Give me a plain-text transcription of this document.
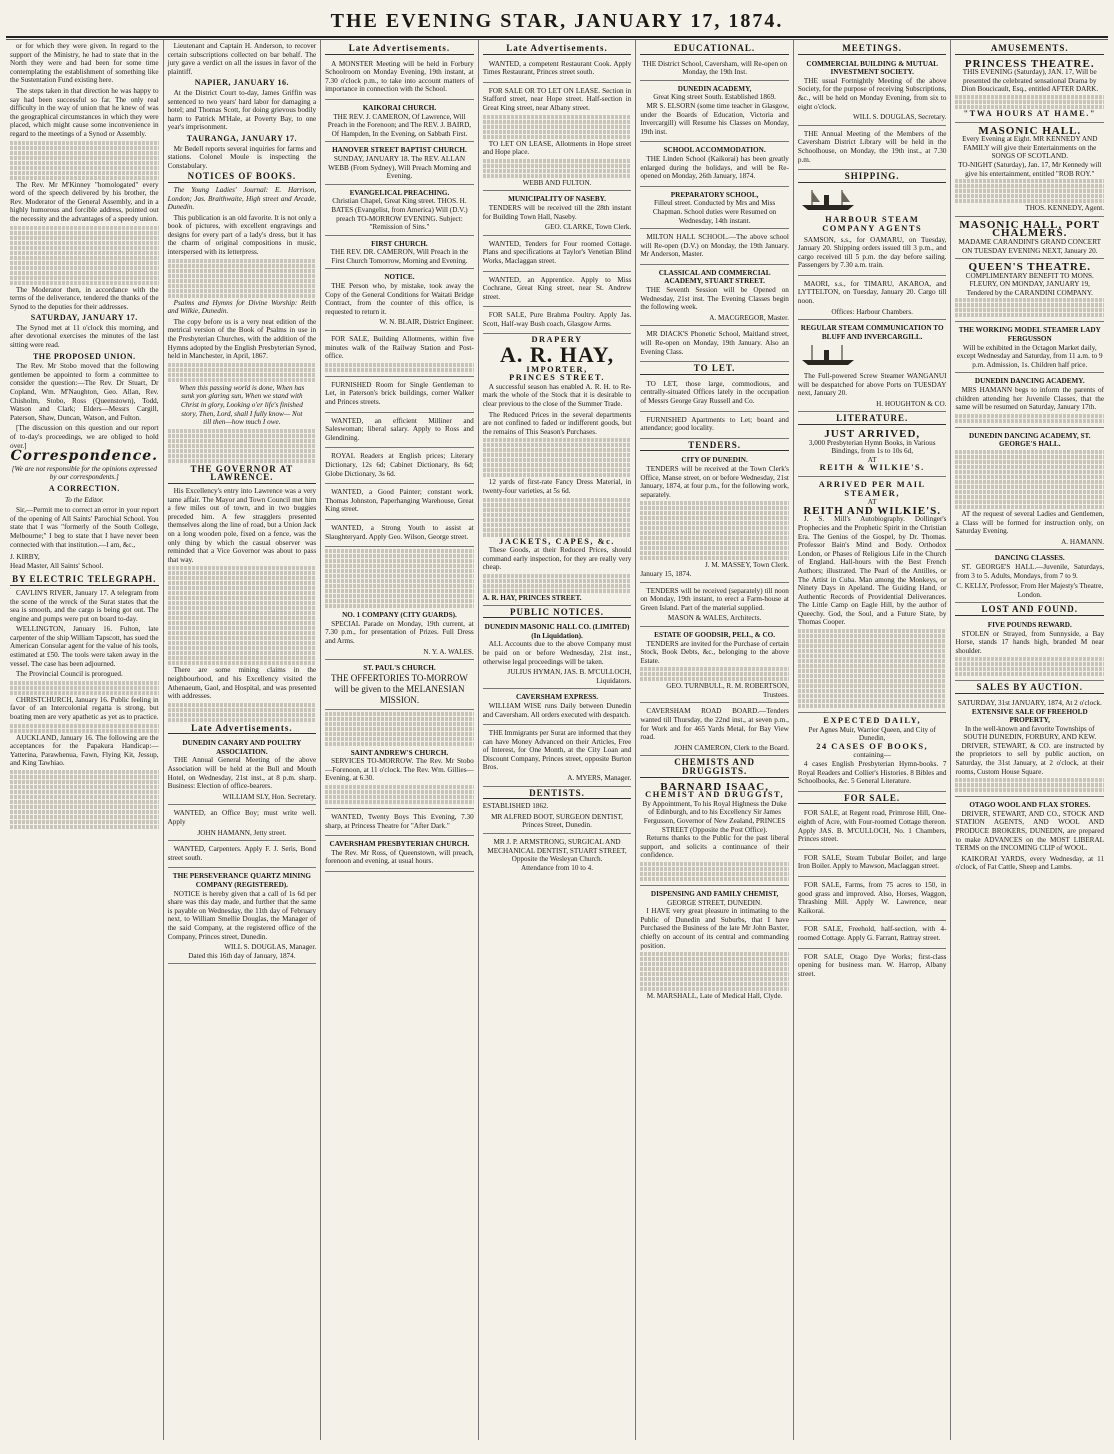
THE EVENING STAR, JANUARY 17, 1874.

or for which they were given. In regard to the support of the Ministry, he had to state that in the North they were and had been for some time contemplating the establishment of something like the Sustentation Fund existing here.

The steps taken in that direction he was happy to say had been successful so far. The only real difficulty in the way of union that he knew of was the geographical circumstances in which they were placed, which might cause some inconvenience in regard to the meetings of a Synod or Assembly.

The Rev. Mr M'Kinney "homologated" every word of the speech delivered by his brother, the Rev. Moderator of the General Assembly, and in a highly humorous and forcible address, pointed out the necessity and the advantages of a speedy union.

The Moderator then, in accordance with the terms of the deliverance, tendered the thanks of the Synod to the deputies for their addresses.

SATURDAY, JANUARY 17.

The Synod met at 11 o'clock this morning, and after devotional exercises the minutes of the last sitting were read.

THE PROPOSED UNION.

The Rev. Mr Stobo moved that the following gentlemen be appointed to form a committee to consider the question:—The Rev. Dr Stuart, Dr Copland, Wm. M'Naughton, Geo. Allan, Rev. Chisholm, Stobo, Ross (Queenstown), Todd, Watson and Clark; Elders—Messrs Cargill, Paterson, Shaw, Duncan, Watson, and Fulton.

[The discussion on this question and our report of to-day's proceedings, we are obliged to hold over.]

Correspondence.

[We are not responsible for the opinions expressed by our correspondents.]

A CORRECTION.

To the Editor.

Sir,—Permit me to correct an error in your report of the opening of All Saints' Parochial School. You state that I was "formerly of the South College, Melbourne;" I beg to state that I have never been connected with that institution.—I am, &c.,

J. KIRBY,
Head Master, All Saints' School.
BY ELECTRIC TELEGRAPH.

CAVLIN'S RIVER, January 17. A telegram from the scene of the wreck of the Surat states that the sea is smooth, and the cargo is being got out. The engine and pumps were put on board to-day.

WELLINGTON, January 16. Fulton, late carpenter of the ship William Tapscott, has sued the American Consular agent for the value of his tools, estimated at £50. The tools were taken away in the vessel. The case has been adjourned.

The Provincial Council is prorogued.

CHRISTCHURCH, January 16. Public feeling in favor of an Intercolonial regatta is strong, but boating men are very apathetic as yet as to practice.

AUCKLAND, January 16. The following are the acceptances for the Papakura Handicap:—Yatterina, Parawhenua, Fawn, Flying Kit, Jessup, and King Tawhiao.

Lieutenant and Captain H. Anderson, to recover certain subscriptions collected on bar behalf. The jury gave a verdict on all the issues in favor of the plaintiff.

NAPIER, JANUARY 16.

At the District Court to-day, James Griffin was sentenced to two years' hard labor for damaging a hotel; and Thomas Scott, for doing grievous bodily harm to Patrick M'Hale, at Poverty Bay, to one year's imprisonment.

TAURANGA, JANUARY 17.

Mr Bedell reports several inquiries for farms and stations. Colonel Moule is inspecting the Constabulary.

NOTICES OF BOOKS.

The Young Ladies' Journal: E. Harrison, London; Jas. Braithwaite, High street and Arcade, Dunedin.

This publication is an old favorite. It is not only a book of pictures, with excellent engravings and designs for every part of a lady's dress, but it has the charm of original compositions in music, interspersed with its letterpress.

Psalms and Hymns for Divine Worship: Reith and Wilkie, Dunedin.

The copy before us is a very neat edition of the metrical version of the Book of Psalms in use in the Presbyterian Churches, with the addition of the Hymns adopted by the English Presbyterian Synod, held in Manchester, in April, 1867.

When this passing world is done, When has sunk yon glaring sun, When we stand with Christ in glory, Looking o'er life's finished story, Then, Lord, shall I fully know— Not till then—how much I owe.

THE GOVERNOR AT LAWRENCE.

His Excellency's entry into Lawrence was a very tame affair. The Mayor and Town Council met him a few miles out of town, and in two buggies preceded him. A few stragglers presented themselves along the line of road, but a Union Jack on a long wooden pole, fixed on a fence, was the only thing by which the casual observer was reminded that a Vice Governor was about to pass that way.

There are some mining claims in the neighbourhood, and his Excellency visited the Athenaeum, Gaol, and Hospital, and was presented with addresses.

Late Advertisements.
DUNEDIN CANARY AND POULTRY ASSOCIATION.
THE Annual General Meeting of the above Association will be held at the Bull and Mouth Hotel, on Wednesday, 21st inst., at 8 p.m. sharp. Business: Election of office-bearers.
WILLIAM SLY, Hon. Secretary.
WANTED, an Office Boy; must write well. Apply
JOHN HAMANN, Jetty street.
WANTED, Carpenters. Apply F. J. Seris, Bond street south.
THE PERSEVERANCE QUARTZ MINING COMPANY (REGISTERED).
NOTICE is hereby given that a call of 1s 6d per share was this day made, and further that the same is payable on Wednesday, the 11th day of February next, to William Smellie Douglas, the Manager of the said Company, at the registered office of the Company, Princes street, Dunedin.
WILL S. DOUGLAS, Manager.
Dated this 16th day of January, 1874.
Late Advertisements.
A MONSTER Meeting will be held in Forbury Schoolroom on Monday Evening, 19th instant, at 7.30 o'clock p.m., to take into account matters of importance in connection with the School.
KAIKORAI CHURCH.
THE REV. J. CAMERON, Of Lawrence, Will Preach in the Forenoon; and The REV. J. BAIRD, Of Hampden, In the Evening, on Sabbath First.
HANOVER STREET BAPTIST CHURCH.
SUNDAY, JANUARY 18. The REV. ALLAN WEBB (From Sydney), Will Preach Morning and Evening.
EVANGELICAL PREACHING.
Christian Chapel, Great King street. THOS. H. BATES (Evangelist, from America) Will (D.V.) preach TO-MORROW EVENING. Subject: "Remission of Sins."
FIRST CHURCH.
THE REV. DR. CAMERON, Will Preach in the First Church Tomorrow, Morning and Evening.
NOTICE.
THE Person who, by mistake, took away the Copy of the General Conditions for Waitati Bridge Contract, from the counter of this office, is requested to return it.
W. N. BLAIR, District Engineer.
FOR SALE, Building Allotments, within five minutes walk of the Railway Station and Post-office.
FURNISHED Room for Single Gentleman to Let, in Paterson's brick buildings, corner Walker and Princes streets.
WANTED, an efficient Milliner and Saleswoman; liberal salary. Apply to Ross and Glendining.
ROYAL Readers at English prices; Literary Dictionary, 12s 6d; Cabinet Dictionary, 8s 6d; Globe Dictionary, 3s 6d.
WANTED, a Good Painter; constant work. Thomas Johnston, Paperhanging Warehouse, Great King street.
WANTED, a Strong Youth to assist at Slaughteryard. Apply Geo. Wilson, George street.
NO. 1 COMPANY (CITY GUARDS).
SPECIAL Parade on Monday, 19th current, at 7.30 p.m., for presentation of Prizes. Full Dress and Arms.
N. Y. A. WALES.
ST. PAUL'S CHURCH.
THE OFFERTORIES TO-MORROW will be given to the MELANESIAN MISSION.
SAINT ANDREW'S CHURCH.
SERVICES TO-MORROW. The Rev. Mr Stobo—Forenoon, at 11 o'clock. The Rev. Wm. Gillies—Evening, at 6.30.
WANTED, Twenty Boys This Evening, 7.30 sharp, at Princess Theatre for "After Dark."
CAVERSHAM PRESBYTERIAN CHURCH.
The Rev. Mr Ross, of Queenstown, will preach, forenoon and evening, at usual hours.
Late Advertisements.
WANTED, a competent Restaurant Cook. Apply Times Restaurant, Princes street south.
FOR SALE OR TO LET ON LEASE. Section in Stafford street, near Hope street. Half-section in Great King street, near Albany street.
TO LET ON LEASE, Allotments in Hope street and Hope place.
WEBB AND FULTON.
MUNICIPALITY OF NASEBY.
TENDERS will be received till the 28th instant for Building Town Hall, Naseby.
GEO. CLARKE, Town Clerk.
WANTED, Tenders for Four roomed Cottage. Plans and specifications at Taylor's Venetian Blind Works, Maclaggan street.
WANTED, an Apprentice. Apply to Miss Cochrane, Great King street, near St. Andrew street.
FOR SALE, Pure Brahma Poultry. Apply Jas. Scott, Half-way Bush coach, Glasgow Arms.
DRAPERY
A. R. HAY,
IMPORTER,
PRINCES STREET.

A successful season has enabled A. R. H. to Re-mark the whole of the Stock that it is desirable to clear previous to the close of the Summer Trade.

The Reduced Prices in the several departments are not confined to faded or indifferent goods, but the remains of This Season's Purchases.

12 yards of first-rate Fancy Dress Material, in twenty-four varieties, at 5s 6d.

JACKETS, CAPES, &c.

These Goods, at their Reduced Prices, should command early inspection, for they are really very cheap.

A. R. HAY, PRINCES STREET.
PUBLIC NOTICES.
DUNEDIN MASONIC HALL CO. (LIMITED) (In Liquidation).
ALL Accounts due to the above Company must be paid on or before Wednesday, 21st inst., otherwise legal proceedings will be taken.
JULIUS HYMAN, JAS. B. M'CULLOCH, Liquidators.
CAVERSHAM EXPRESS.
WILLIAM WISE runs Daily between Dunedin and Caversham. All orders executed with despatch.
THE Immigrants per Surat are informed that they can have Money Advanced on their Articles, Free of Interest, for One Month, at the City Loan and Discount Company, Princes street, opposite Burton Bros.
A. MYERS, Manager.
DENTISTS.
ESTABLISHED 1862.
MR ALFRED BOOT, SURGEON DENTIST, Princes Street, Dunedin.
MR J. P. ARMSTRONG, SURGICAL AND MECHANICAL DENTIST, STUART STREET, Opposite the Wesleyan Church.
Attendance from 10 to 4.
EDUCATIONAL.
THE District School, Caversham, will Re-open on Monday, the 19th Inst.
DUNEDIN ACADEMY,
Great King street South. Established 1869.
MR S. ELSORN (some time teacher in Glasgow, under the Boards of Education, Victoria and Invercargill) will Resume his Classes on Monday, 19th inst.
SCHOOL ACCOMMODATION.
THE Linden School (Kaikorai) has been greatly enlarged during the holidays, and will be Re-opened on Monday, 26th January, 1874.
PREPARATORY SCHOOL,
Filleul street. Conducted by Mrs and Miss Chapman. School duties were Resumed on Wednesday, 14th instant.
MILTON HALL SCHOOL.—The above school will Re-open (D.V.) on Monday, the 19th January. Mr Anderson, Master.
CLASSICAL AND COMMERCIAL ACADEMY, STUART STREET.
THE Seventh Session will be Opened on Wednesday, 21st inst. The Evening Classes begin the following week.
A. MACGREGOR, Master.
MR DIACK'S Phonetic School, Maitland street, will Re-open on Monday, 19th January. Also an Evening Class.
TO LET.
TO LET, those large, commodious, and centrally-situated Offices lately in the occupation of Messrs George Gray Russell and Co.
FURNISHED Apartments to Let; board and attendance; good locality.
TENDERS.
CITY OF DUNEDIN.
TENDERS will be received at the Town Clerk's Office, Manse street, on or before Wednesday, 21st January, 1874, at four p.m., for the following work, separately.
J. M. MASSEY, Town Clerk.
January 15, 1874.
TENDERS will be received (separately) till noon on Monday, 19th instant, to erect a Farm-house at Green Island. Part of the material supplied.
MASON & WALES, Architects.
ESTATE OF GOODSIR, PELL, & CO.
TENDERS are invited for the Purchase of certain Stock, Book Debts, &c., belonging to the above Estate.
GEO. TURNBULL, R. M. ROBERTSON, Trustees.
CAVERSHAM ROAD BOARD.—Tenders wanted till Thursday, the 22nd inst., at seven p.m., for Work and for 465 Yards Metal, for Bay View road.
JOHN CAMERON, Clerk to the Board.
CHEMISTS AND DRUGGISTS.
BARNARD ISAAC,
CHEMIST AND DRUGGIST,
By Appointment, To his Royal Highness the Duke of Edinburgh, and to his Excellency Sir James Fergusson, Governor of New Zealand, PRINCES STREET (Opposite the Post Office).
Returns thanks to the Public for the past liberal support, and solicits a continuance of their confidence.
DISPENSING AND FAMILY CHEMIST,
GEORGE STREET, DUNEDIN.
I HAVE very great pleasure in intimating to the Public of Dunedin and Suburbs, that I have Purchased the Business of the late Mr John Baxter, chiefly on account of its central and commanding position.
M. MARSHALL, Late of Medical Hall, Clyde.
MEETINGS.
COMMERCIAL BUILDING & MUTUAL INVESTMENT SOCIETY.
THE usual Fortnightly Meeting of the above Society, for the purpose of receiving Subscriptions, &c., will be held on Monday Evening, from six to eight o'clock.
WILL S. DOUGLAS, Secretary.
THE Annual Meeting of the Members of the Caversham District Library will be held in the Schoolhouse, on Monday, the 19th inst., at 7.30 p.m.
SHIPPING.
HARBOUR STEAM COMPANY AGENTS
SAMSON, s.s., for OAMARU, on Tuesday, January 20. Shipping orders issued till 3 p.m., and cargo received till 5 p.m. the day before sailing. Passengers by 7.30 a.m. train.
MAORI, s.s., for TIMARU, AKAROA, and LYTTELTON, on Tuesday, January 20. Cargo till noon.
Offices: Harbour Chambers.
REGULAR STEAM COMMUNICATION TO BLUFF AND INVERCARGILL.
The Full-powered Screw Steamer WANGANUI will be despatched for above Ports on TUESDAY next, January 20.
H. HOUGHTON & CO.
LITERATURE.
JUST ARRIVED,
3,000 Presbyterian Hymn Books, in Various Bindings, from 1s to 10s 6d,
AT
REITH & WILKIE'S.
ARRIVED PER MAIL STEAMER,
AT
REITH AND WILKIE'S.
J. S. Mill's Autobiography. Dollinger's Prophecies and the Prophetic Spirit in the Christian Era. The Genius of the Gospel, by Dr. Thomas. Professor Bain's Mind and Body. Orthodox London, or Phases of Religious Life in the Church of England. Hall-hours with the Best French Authors; illustrated. The Pearl of the Antilles, or The Artist in Cuba. Man among the Monkeys, or Ninety Days in Apeland. The Guiding Hand, or Authentic Records of Providential Deliverances. The Little Camp on Eagle Hill, by the author of Queechy. God, the Soul, and a Future State, by Thomas Cooper.
EXPECTED DAILY,
Per Agnes Muir, Warrior Queen, and City of Dunedin,
24 CASES OF BOOKS,
containing—
4 cases English Presbyterian Hymn-books. 7 Royal Readers and Collier's Histories. 8 Bibles and Schoolbooks, &c. 5 General Literature.
FOR SALE.
FOR SALE, at Regent road, Primrose Hill, One-eighth of Acre, with Four-roomed Cottage thereon. Apply JAS. B. M'CULLOCH, No. 1 Chambers, Princes street.
FOR SALE, Steam Tubular Boiler, and large Iron Boiler. Apply to Mawson, Maclaggan street.
FOR SALE, Farms, from 75 acres to 150, in good grass and improved. Also, Horses, Waggon, Thrashing Mill. Apply W. Lawrence, near Kaikorai.
FOR SALE, Freehold, half-section, with 4-roomed Cottage. Apply G. Farrant, Rattray street.
FOR SALE, Otago Dye Works; first-class opening for business man. W. Harrop, Albany street.
AMUSEMENTS.
PRINCESS THEATRE.
THIS EVENING (Saturday), JAN. 17, Will be presented the celebrated sensational Drama by Dion Boucicault, Esq., entitled AFTER DARK.
"TWA HOURS AT HAME."
MASONIC HALL.
Every Evening at Eight. MR KENNEDY AND FAMILY will give their Entertainments on the SONGS OF SCOTLAND.
TO-NIGHT (Saturday), Jan. 17, Mr Kennedy will give his entertainment, entitled "ROB ROY."
THOS. KENNEDY, Agent.
MASONIC HALL, PORT CHALMERS.
MADAME CARANDINI'S GRAND CONCERT ON TUESDAY EVENING NEXT, January 20.
QUEEN'S THEATRE.
COMPLIMENTARY BENEFIT TO MONS. FLEURY, ON MONDAY, JANUARY 19, Tendered by the CARANDINI COMPANY.
THE WORKING MODEL STEAMER LADY FERGUSSON
Will be exhibited in the Octagon Market daily, except Wednesday and Saturday, from 11 a.m. to 9 p.m. Admission, 1s. Children half price.
DUNEDIN DANCING ACADEMY.
MRS HAMANN begs to inform the parents of children attending her Juvenile Classes, that the same will be resumed on Saturday, January 17th.
DUNEDIN DANCING ACADEMY, ST. GEORGE'S HALL.
AT the request of several Ladies and Gentlemen, a Class will be formed for instruction only, on Saturday Evening.
A. HAMANN.
DANCING CLASSES.
ST. GEORGE'S HALL.—Juvenile, Saturdays, from 3 to 5. Adults, Mondays, from 7 to 9.
C. KELLY, Professor, From Her Majesty's Theatre, London.
LOST AND FOUND.
FIVE POUNDS REWARD.
STOLEN or Strayed, from Sunnyside, a Bay Horse, stands 17 hands high, branded M near shoulder.
SALES BY AUCTION.
SATURDAY, 31st JANUARY, 1874, At 2 o'clock.
EXTENSIVE SALE OF FREEHOLD PROPERTY,
In the well-known and favorite Townships of SOUTH DUNEDIN, FORBURY, AND KEW.
DRIVER, STEWART, & CO. are instructed by the proprietors to sell by public auction, on Saturday, the 31st January, at 2 o'clock, at their rooms, Custom House Square.
OTAGO WOOL AND FLAX STORES.
DRIVER, STEWART, AND CO., STOCK AND STATION AGENTS, AND WOOL AND PRODUCE BROKERS, DUNEDIN, are prepared to make ADVANCES on the MOST LIBERAL TERMS on the INCOMING CLIP of WOOL.
KAIKORAI YARDS, every Wednesday, at 11 o'clock, of Fat Cattle, Sheep and Lambs.
